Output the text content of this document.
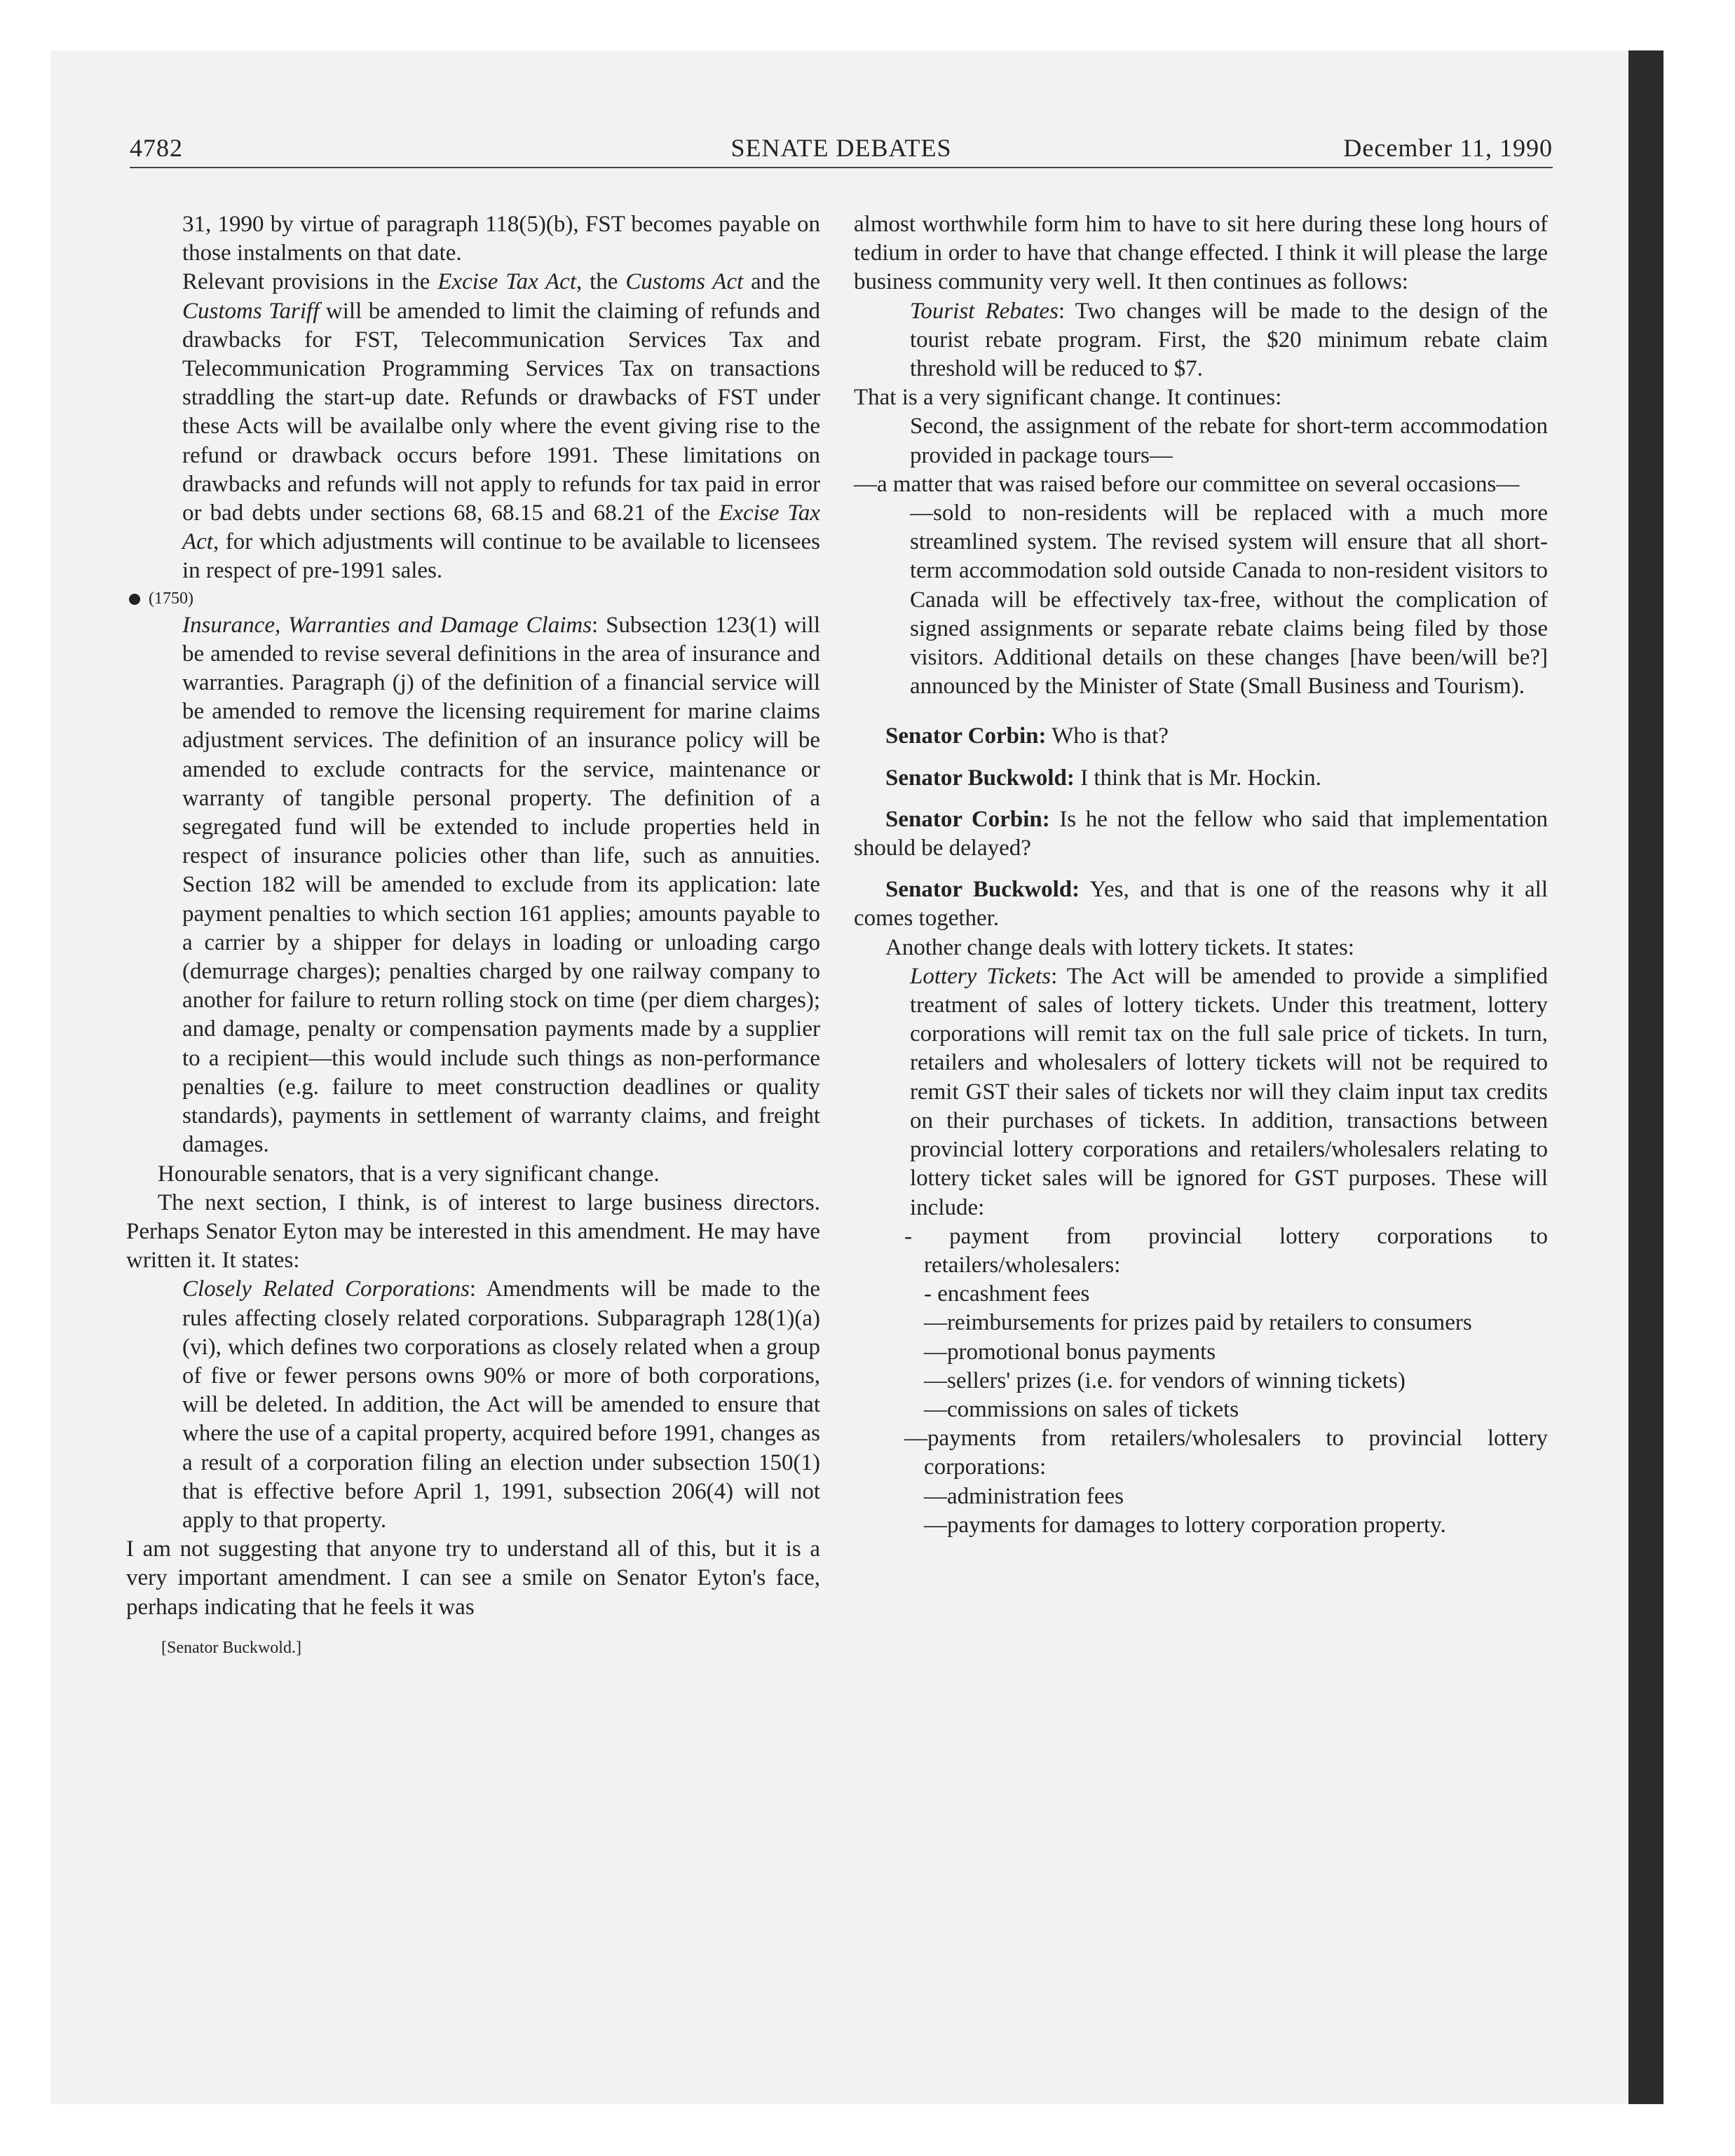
4782	SENATE DEBATES	December 11, 1990

31, 1990 by virtue of paragraph 118(5)(b), FST becomes payable on those instalments on that date.

Relevant provisions in the Excise Tax Act, the Customs Act and the Customs Tariff will be amended to limit the claiming of refunds and drawbacks for FST, Telecommunication Services Tax and Telecommunication Programming Services Tax on transactions straddling the start-up date. Refunds or drawbacks of FST under these Acts will be availalbe only where the event giving rise to the refund or drawback occurs before 1991. These limitations on drawbacks and refunds will not apply to refunds for tax paid in error or bad debts under sections 68, 68.15 and 68.21 of the Excise Tax Act, for which adjustments will continue to be available to licensees in respect of pre-1991 sales.

(1750)

Insurance, Warranties and Damage Claims: Subsection 123(1) will be amended to revise several definitions in the area of insurance and warranties. Paragraph (j) of the definition of a financial service will be amended to remove the licensing requirement for marine claims adjustment services. The definition of an insurance policy will be amended to exclude contracts for the service, maintenance or warranty of tangible personal property. The definition of a segregated fund will be extended to include properties held in respect of insurance policies other than life, such as annuities. Section 182 will be amended to exclude from its application: late payment penalties to which section 161 applies; amounts payable to a carrier by a shipper for delays in loading or unloading cargo (demurrage charges); penalties charged by one railway company to another for failure to return rolling stock on time (per diem charges); and damage, penalty or compensation payments made by a supplier to a recipient—this would include such things as non-performance penalties (e.g. failure to meet construction deadlines or quality standards), payments in settlement of warranty claims, and freight damages.

Honourable senators, that is a very significant change.

The next section, I think, is of interest to large business directors. Perhaps Senator Eyton may be interested in this amendment. He may have written it. It states:

Closely Related Corporations: Amendments will be made to the rules affecting closely related corporations. Subparagraph 128(1)(a)(vi), which defines two corporations as closely related when a group of five or fewer persons owns 90% or more of both corporations, will be deleted. In addition, the Act will be amended to ensure that where the use of a capital property, acquired before 1991, changes as a result of a corporation filing an election under subsection 150(1) that is effective before April 1, 1991, subsection 206(4) will not apply to that property.

I am not suggesting that anyone try to understand all of this, but it is a very important amendment. I can see a smile on Senator Eyton's face, perhaps indicating that he feels it was

[Senator Buckwold.]

almost worthwhile form him to have to sit here during these long hours of tedium in order to have that change effected. I think it will please the large business community very well. It then continues as follows:

Tourist Rebates: Two changes will be made to the design of the tourist rebate program. First, the $20 minimum rebate claim threshold will be reduced to $7.

That is a very significant change. It continues:

Second, the assignment of the rebate for short-term accommodation provided in package tours—

—a matter that was raised before our committee on several occasions—

—sold to non-residents will be replaced with a much more streamlined system. The revised system will ensure that all short-term accommodation sold outside Canada to non-resident visitors to Canada will be effectively tax-free, without the complication of signed assignments or separate rebate claims being filed by those visitors. Additional details on these changes [have been/will be?] announced by the Minister of State (Small Business and Tourism).

Senator Corbin: Who is that?

Senator Buckwold: I think that is Mr. Hockin.

Senator Corbin: Is he not the fellow who said that implementation should be delayed?

Senator Buckwold: Yes, and that is one of the reasons why it all comes together.

Another change deals with lottery tickets. It states:

Lottery Tickets: The Act will be amended to provide a simplified treatment of sales of lottery tickets. Under this treatment, lottery corporations will remit tax on the full sale price of tickets. In turn, retailers and wholesalers of lottery tickets will not be required to remit GST their sales of tickets nor will they claim input tax credits on their purchases of tickets. In addition, transactions between provincial lottery corporations and retailers/wholesalers relating to lottery ticket sales will be ignored for GST purposes. These will include:

- payment from provincial lottery corporations to retailers/wholesalers:

- encashment fees

—reimbursements for prizes paid by retailers to consumers

—promotional bonus payments

—sellers' prizes (i.e. for vendors of winning tickets)

—commissions on sales of tickets

—payments from retailers/wholesalers to provincial lottery corporations:

—administration fees

—payments for damages to lottery corporation property.
